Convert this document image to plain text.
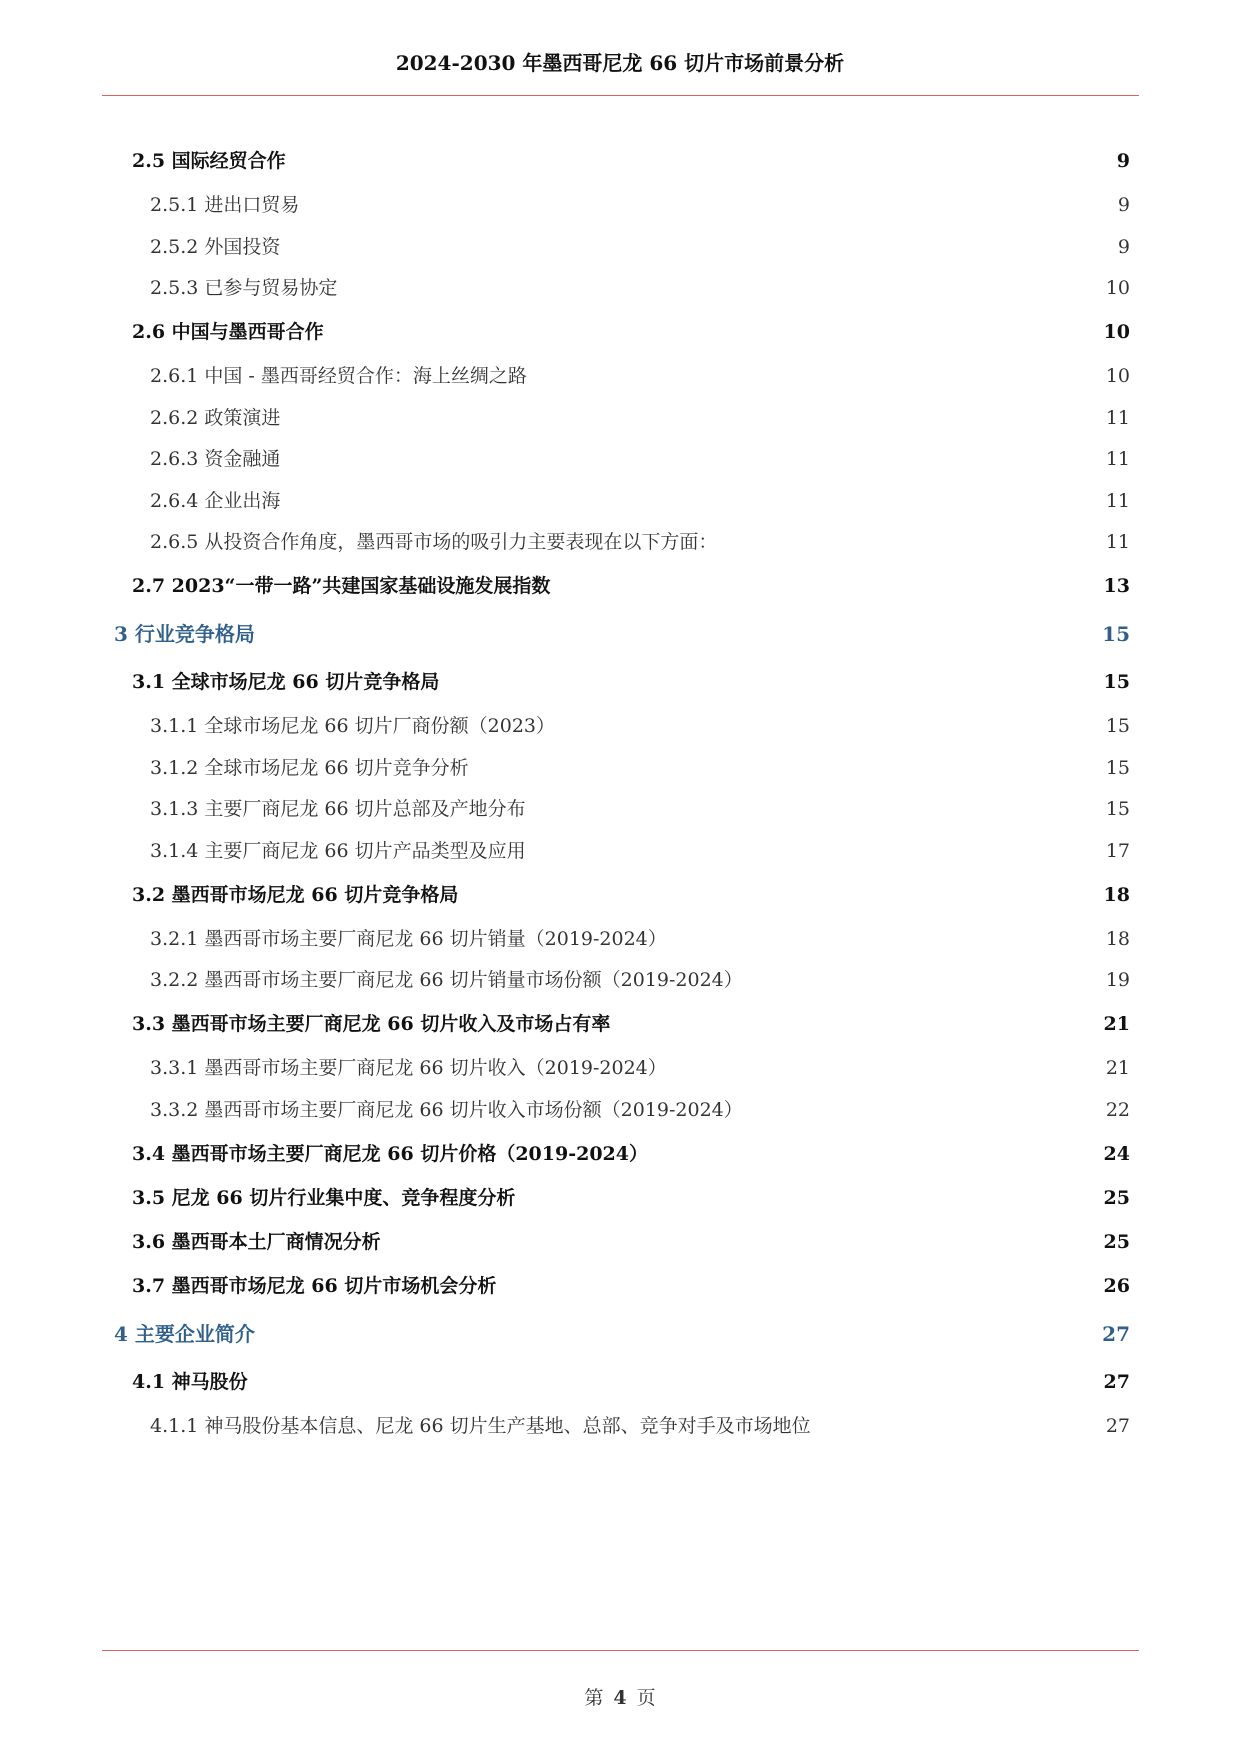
2024-2030 年墨西哥尼龙 66 切片市场前景分析
2.5 国际经贸合作	9
2.5.1 进出口贸易	9
2.5.2 外国投资	9
2.5.3 已参与贸易协定	10
2.6 中国与墨西哥合作	10
2.6.1 中国 - 墨西哥经贸合作：海上丝绸之路	10
2.6.2 政策演进	11
2.6.3 资金融通	11
2.6.4 企业出海	11
2.6.5 从投资合作角度，墨西哥市场的吸引力主要表现在以下方面：	11
2.7 2023“一带一路”共建国家基础设施发展指数	13
3 行业竞争格局	15
3.1 全球市场尼龙 66 切片竞争格局	15
3.1.1 全球市场尼龙 66 切片厂商份额（2023）	15
3.1.2 全球市场尼龙 66 切片竞争分析	15
3.1.3 主要厂商尼龙 66 切片总部及产地分布	15
3.1.4 主要厂商尼龙 66 切片产品类型及应用	17
3.2 墨西哥市场尼龙 66 切片竞争格局	18
3.2.1 墨西哥市场主要厂商尼龙 66 切片销量（2019-2024）	18
3.2.2 墨西哥市场主要厂商尼龙 66 切片销量市场份额（2019-2024）	19
3.3 墨西哥市场主要厂商尼龙 66 切片收入及市场占有率	21
3.3.1 墨西哥市场主要厂商尼龙 66 切片收入（2019-2024）	21
3.3.2 墨西哥市场主要厂商尼龙 66 切片收入市场份额（2019-2024）	22
3.4 墨西哥市场主要厂商尼龙 66 切片价格（2019-2024）	24
3.5 尼龙 66 切片行业集中度、竞争程度分析	25
3.6 墨西哥本土厂商情况分析	25
3.7 墨西哥市场尼龙 66 切片市场机会分析	26
4 主要企业简介	27
4.1 神马股份	27
4.1.1 神马股份基本信息、尼龙 66 切片生产基地、总部、竞争对手及市场地位	27
第 4 页
